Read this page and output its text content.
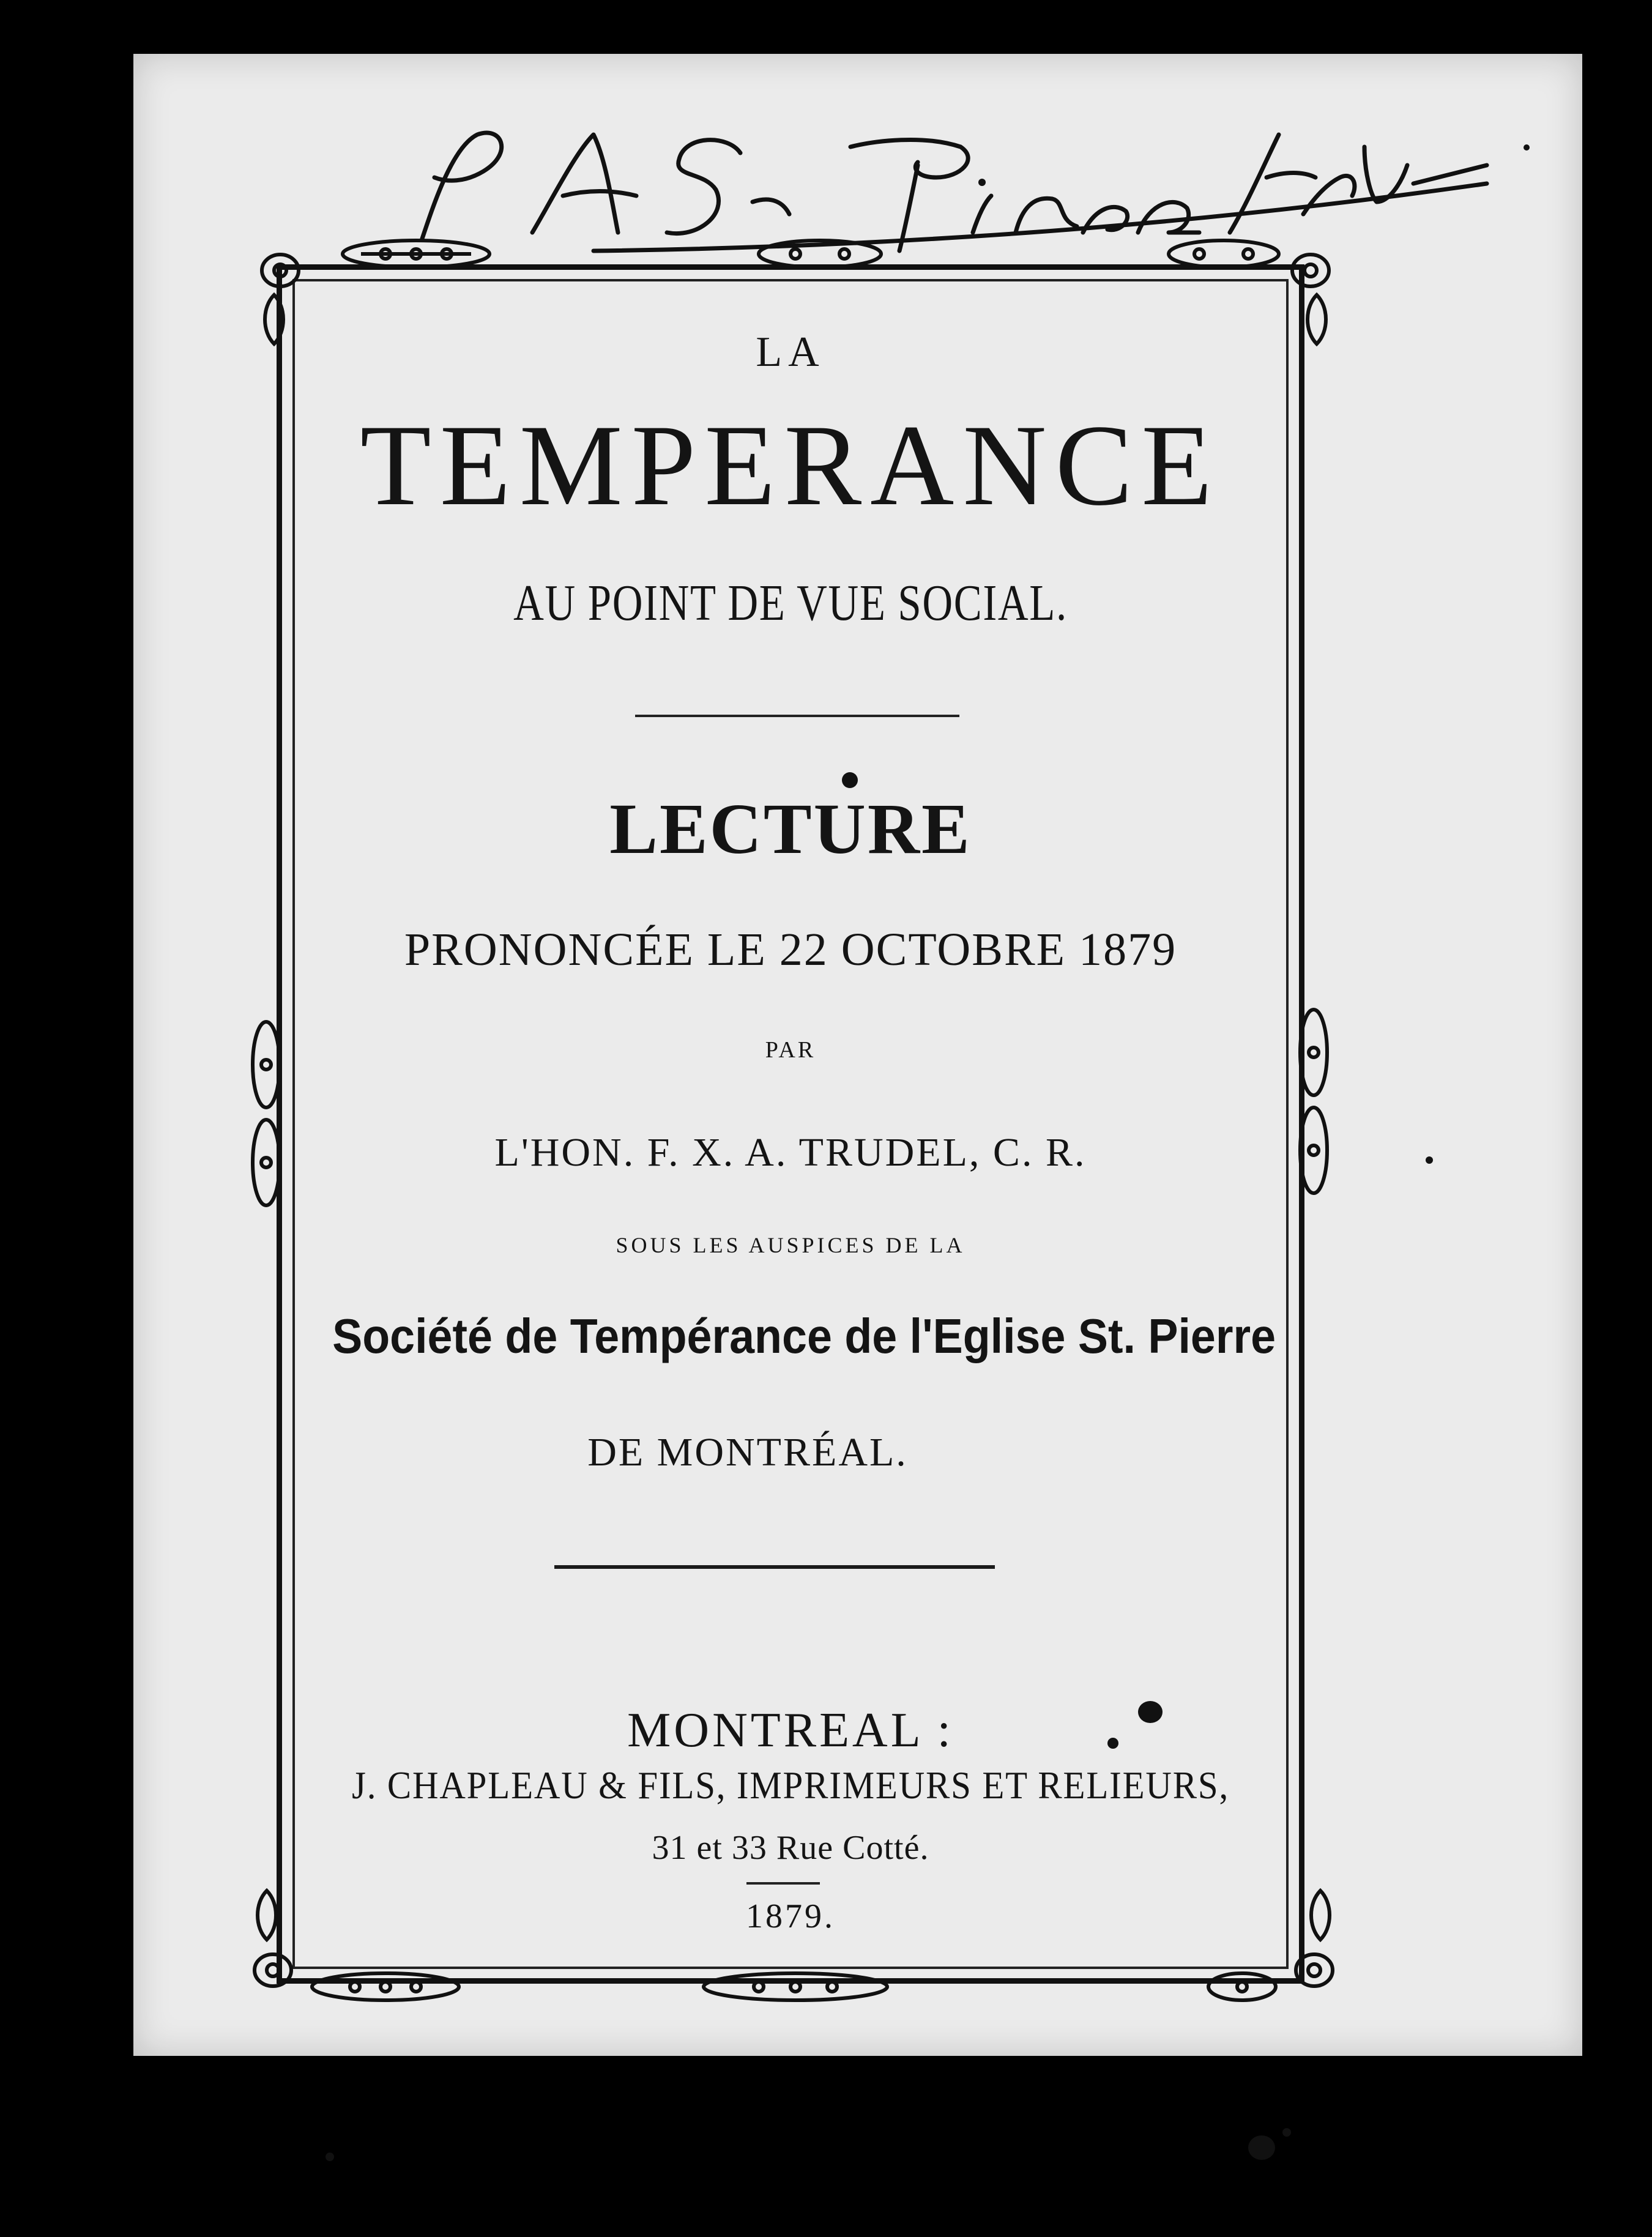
LA
TEMPERANCE
AU POINT DE VUE SOCIAL.
LECTURE
PRONONCÉE LE 22 OCTOBRE 1879
PAR
L'HON. F. X. A. TRUDEL, C. R.
SOUS LES AUSPICES DE LA
Société de Tempérance de l'Eglise St. Pierre
DE MONTRÉAL.
MONTREAL :
J. CHAPLEAU & FILS, IMPRIMEURS ET RELIEURS,
31 et 33 Rue Cotté.
1879.
